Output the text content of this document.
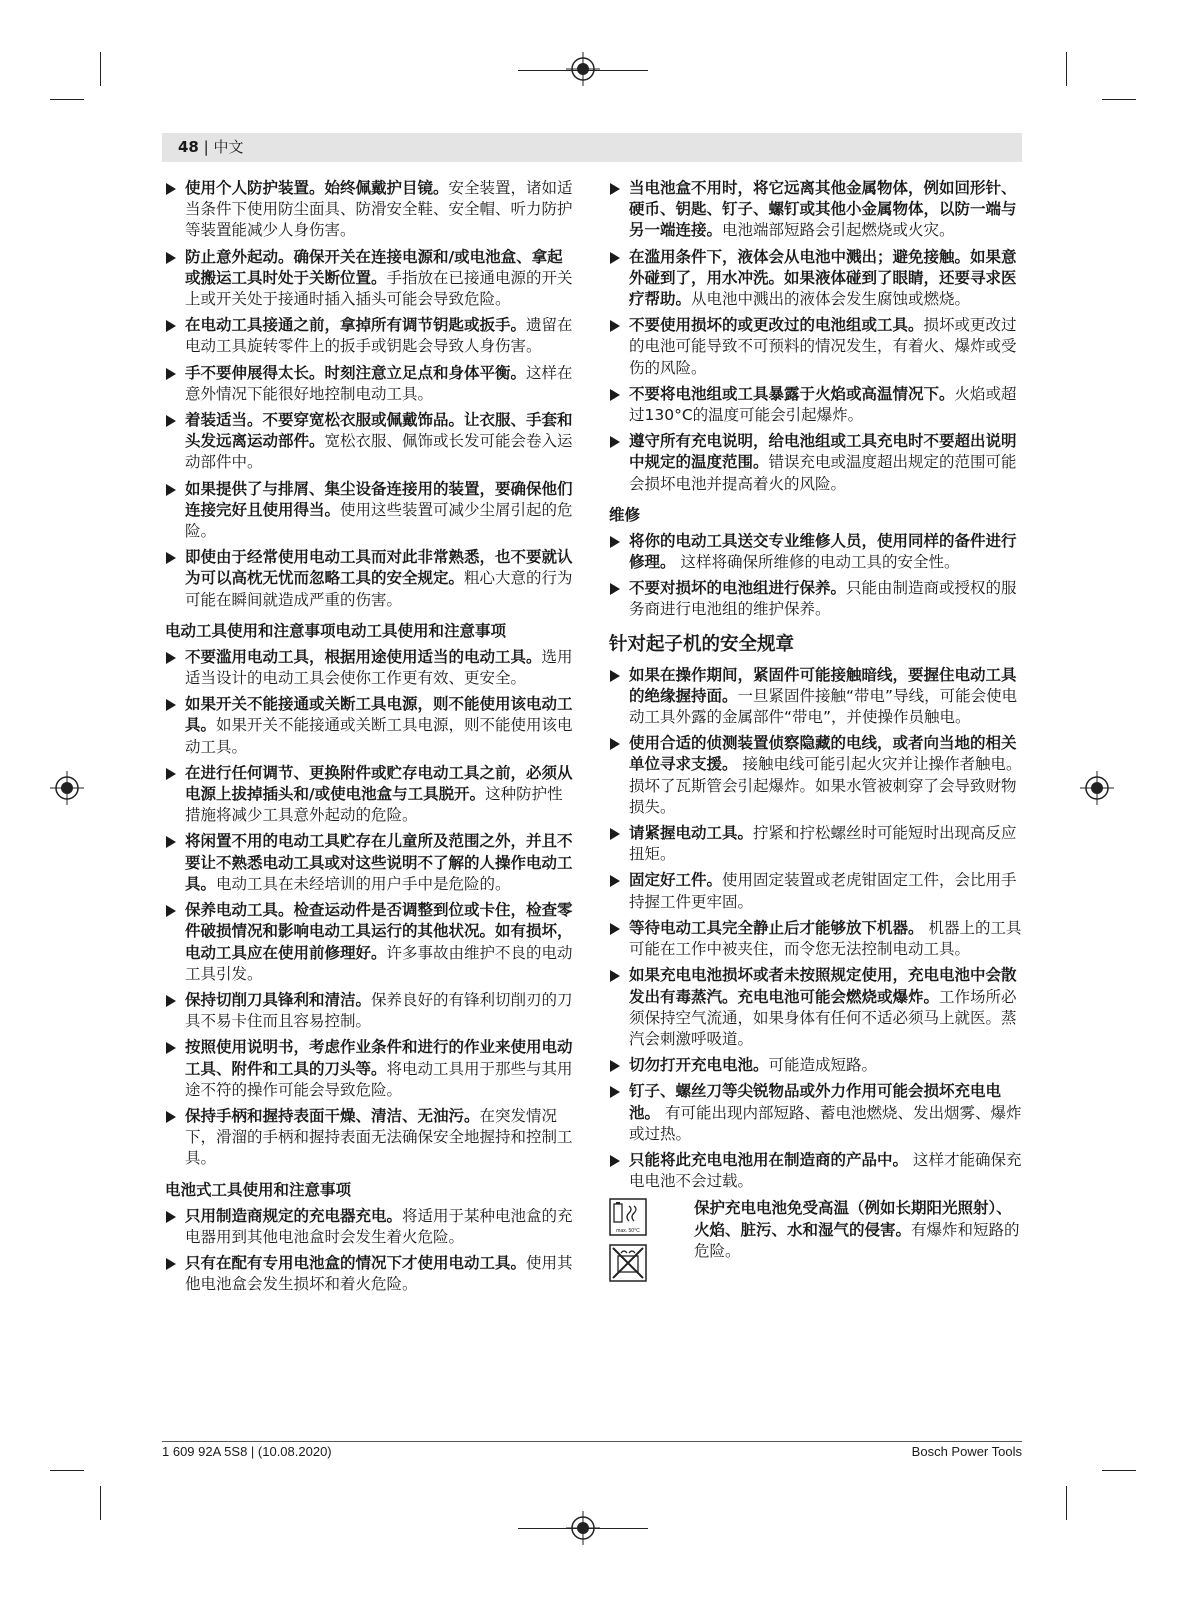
48 | 中文
使用个人防护装置。始终佩戴护目镜。安全装置，诸如适当条件下使用防尘面具、防滑安全鞋、安全帽、听力防护等装置能减少人身伤害。
防止意外起动。确保开关在连接电源和/或电池盒、拿起或搬运工具时处于关断位置。手指放在已接通电源的开关上或开关处于接通时插入插头可能会导致危险。
在电动工具接通之前，拿掉所有调节钥匙或扳手。遗留在电动工具旋转零件上的扳手或钥匙会导致人身伤害。
手不要伸展得太长。时刻注意立足点和身体平衡。这样在意外情况下能很好地控制电动工具。
着装适当。不要穿宽松衣服或佩戴饰品。让衣服、手套和头发远离运动部件。宽松衣服、佩饰或长发可能会卷入运动部件中。
如果提供了与排屑、集尘设备连接用的装置，要确保他们连接完好且使用得当。使用这些装置可减少尘屑引起的危险。
即使由于经常使用电动工具而对此非常熟悉，也不要就认为可以高枕无忧而忽略工具的安全规定。粗心大意的行为可能在瞬间就造成严重的伤害。
电动工具使用和注意事项电动工具使用和注意事项
不要滥用电动工具，根据用途使用适当的电动工具。选用适当设计的电动工具会使你工作更有效、更安全。
如果开关不能接通或关断工具电源，则不能使用该电动工具。如果开关不能接通或关断工具电源，则不能使用该电动工具。
在进行任何调节、更换附件或贮存电动工具之前，必须从电源上拔掉插头和/或使电池盒与工具脱开。这种防护性措施将减少工具意外起动的危险。
将闲置不用的电动工具贮存在儿童所及范围之外，并且不要让不熟悉电动工具或对这些说明不了解的人操作电动工具。电动工具在未经培训的用户手中是危险的。
保养电动工具。检查运动件是否调整到位或卡住，检查零件破损情况和影响电动工具运行的其他状况。如有损坏，电动工具应在使用前修理好。许多事故由维护不良的电动工具引发。
保持切削刀具锋利和清洁。保养良好的有锋利切削刃的刀具不易卡住而且容易控制。
按照使用说明书，考虑作业条件和进行的作业来使用电动工具、附件和工具的刀头等。将电动工具用于那些与其用途不符的操作可能会导致危险。
保持手柄和握持表面干燥、清洁、无油污。在突发情况下，滑溜的手柄和握持表面无法确保安全地握持和控制工具。
电池式工具使用和注意事项
只用制造商规定的充电器充电。将适用于某种电池盒的充电器用到其他电池盒时会发生着火危险。
只有在配有专用电池盒的情况下才使用电动工具。使用其他电池盒会发生损坏和着火危险。
当电池盒不用时，将它远离其他金属物体，例如回形针、硬币、钥匙、钉子、螺钉或其他小金属物体，以防一端与另一端连接。电池端部短路会引起燃烧或火灾。
在滥用条件下，液体会从电池中溅出；避免接触。如果意外碰到了，用水冲洗。如果液体碰到了眼睛，还要寻求医疗帮助。从电池中溅出的液体会发生腐蚀或燃烧。
不要使用损坏的或更改过的电池组或工具。损坏或更改过的电池可能导致不可预料的情况发生，有着火、爆炸或受伤的风险。
不要将电池组或工具暴露于火焰或高温情况下。火焰或超过130°C的温度可能会引起爆炸。
遵守所有充电说明，给电池组或工具充电时不要超出说明中规定的温度范围。错误充电或温度超出规定的范围可能会损坏电池并提高着火的风险。
维修
将你的电动工具送交专业维修人员，使用同样的备件进行修理。 这样将确保所维修的电动工具的安全性。
不要对损坏的电池组进行保养。只能由制造商或授权的服务商进行电池组的维护保养。
针对起子机的安全规章
如果在操作期间，紧固件可能接触暗线，要握住电动工具的绝缘握持面。一旦紧固件接触“带电”导线，可能会使电动工具外露的金属部件“带电”，并使操作员触电。
使用合适的侦测装置侦察隐藏的电线，或者向当地的相关单位寻求支援。 接触电线可能引起火灾并让操作者触电。损坏了瓦斯管会引起爆炸。如果水管被刺穿了会导致财物损失。
请紧握电动工具。拧紧和拧松螺丝时可能短时出现高反应扭矩。
固定好工件。使用固定装置或老虎钳固定工件，会比用手持握工件更牢固。
等待电动工具完全静止后才能够放下机器。 机器上的工具可能在工作中被夹住，而令您无法控制电动工具。
如果充电电池损坏或者未按照规定使用，充电电池中会散发出有毒蒸汽。充电电池可能会燃烧或爆炸。工作场所必须保持空气流通，如果身体有任何不适必须马上就医。蒸汽会刺激呼吸道。
切勿打开充电电池。可能造成短路。
钉子、螺丝刀等尖锐物品或外力作用可能会损坏充电电池。 有可能出现内部短路、蓄电池燃烧、发出烟雾、爆炸或过热。
只能将此充电电池用在制造商的产品中。 这样才能确保充电电池不会过载。
max. 50°C
保护充电电池免受高温（例如长期阳光照射）、火焰、脏污、水和湿气的侵害。有爆炸和短路的危险。
1 609 92A 5S8 | (10.08.2020)	Bosch Power Tools
